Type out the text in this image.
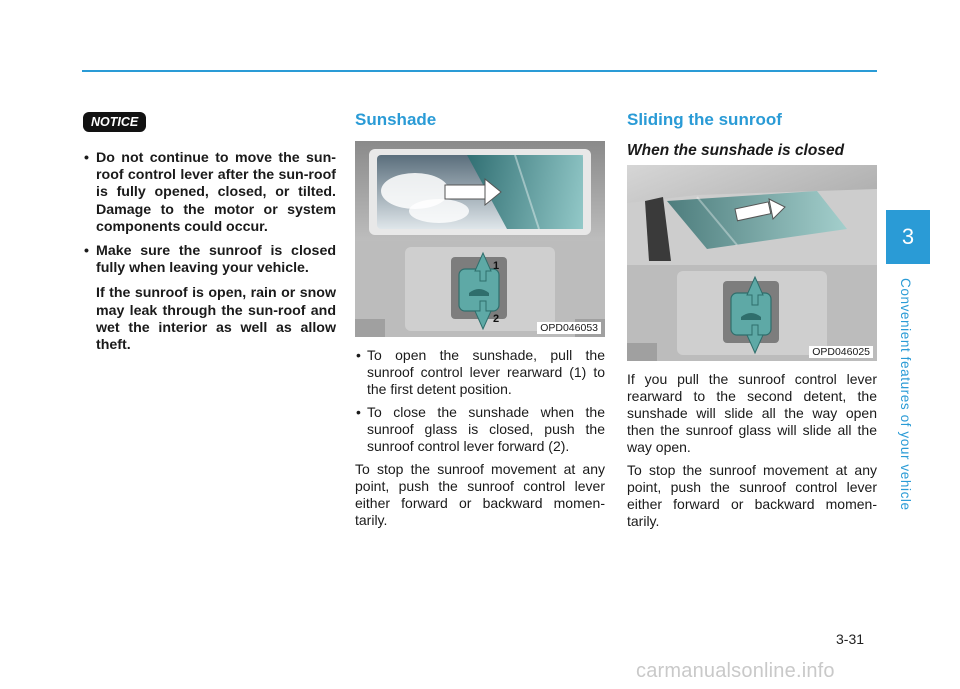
3
Convenient features of your vehicle
NOTICE
• Do not continue to move the sun-roof control lever after the sun-roof is fully opened, closed, or tilted. Damage to the motor or system components could occur.
• Make sure the sunroof is closed fully when leaving your vehicle.
If the sunroof is open, rain or snow may leak through the sun-roof and wet the interior as well as allow theft.
Sunshade
1
2
OPD046053
• To open the sunshade, pull the sunroof control lever rearward (1) to the first detent position.
• To close the sunshade when the sunroof glass is closed, push the sunroof control lever forward (2).

To stop the sunroof movement at any point, push the sunroof control lever either forward or backward momen-tarily.

Sliding the sunroof
When the sunshade is closed
OPD046025

If you pull the sunroof control lever rearward to the second detent, the sunshade will slide all the way open then the sunroof glass will slide all the way open.

To stop the sunroof movement at any point, push the sunroof control lever either forward or backward momen-tarily.

3-31
carmanualsonline.info
